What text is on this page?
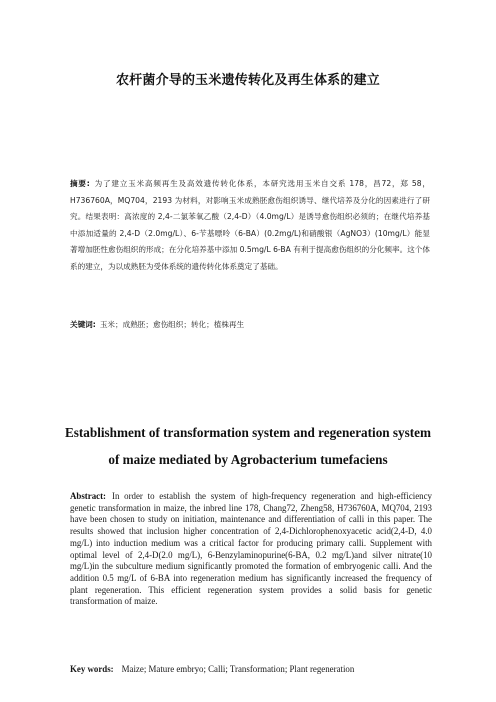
农杆菌介导的玉米遗传转化及再生体系的建立
摘要: 为了建立玉米高频再生及高效遗传转化体系，本研究选用玉米自交系 178，昌72，郑 58，H736760A，MQ704，2193 为材料，对影响玉米成熟胚愈伤组织诱导、继代培养及分化的因素进行了研究。结果表明：高浓度的 2,4-二氯苯氧乙酸（2,4-D）（4.0mg/L）是诱导愈伤组织必须的；在继代培养基中添加适量的 2,4-D（2.0mg/L）、6-苄基嘌呤（6-BA）(0.2mg/L)和硝酸银（AgNO3）(10mg/L）能显著增加胚性愈伤组织的形成；在分化培养基中添加 0.5mg/L 6-BA 有利于提高愈伤组织的分化频率。这个体系的建立，为以成熟胚为受体系统的遗传转化体系奠定了基础。
关键词: 玉米；成熟胚；愈伤组织；转化；植株再生
Establishment of transformation system and regeneration system
of maize mediated by Agrobacterium tumefaciens
Abstract: In order to establish the system of high-frequency regeneration and high-efficiency genetic transformation in maize, the inbred line 178, Chang72, Zheng58, H736760A, MQ704, 2193 have been chosen to study on initiation, maintenance and differentiation of calli in this paper. The results showed that inclusion higher concentration of 2,4-Dichlorophenoxyacetic acid(2,4-D, 4.0 mg/L) into induction medium was a critical factor for producing primary calli. Supplement with optimal level of 2,4-D(2.0 mg/L), 6-Benzylaminopurine(6-BA, 0.2 mg/L)and silver nitrate(10 mg/L)in the subculture medium significantly promoted the formation of embryogenic calli. And the addition 0.5 mg/L of 6-BA into regeneration medium has significantly increased the frequency of plant regeneration. This efficient regeneration system provides a solid basis for genetic transformation of maize.
Key words: Maize; Mature embryo; Calli; Transformation; Plant regeneration
